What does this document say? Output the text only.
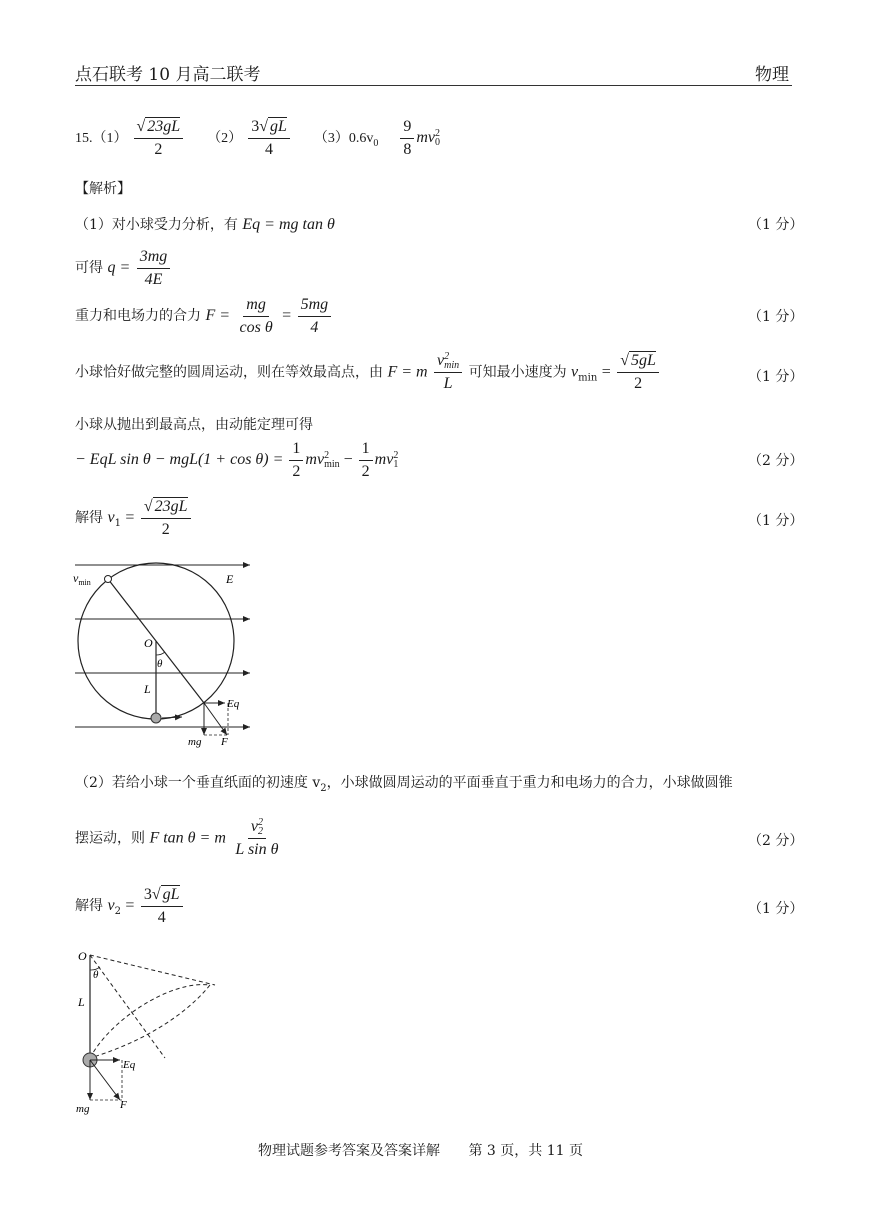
点石联考 10 月高二联考	物理
$15.(1) \frac{√ 23gL}{2} (2) \frac{3√ gL}{4} (3)0.6v_0 \frac{9}{8}$ mv 2
0
【解析】
（1）对小球受力分析，有 Eq = mg tan θ	（1 分）
可得 $q = \frac{3mg}{4E}$
重力和电场力的合力 $F = \frac{mg}{\text{cos θ}} = \frac{5mg}{4}$	（1 分）
小球恰好做完整的圆周运动，则在等效最高点，由 F = m v 2
min
L 可知最小速度为 $v_{min} = \frac{√ 5gL}{2}$	（1 分）
小球从抛出到最高点，由动能定理可得
− EqL $\sin \theta - mgL(1 + \cos \theta) = \frac{1}{2}$ mv 2
$\min - \frac{1}{2}$ mv 2
1	（2 分）
解得 $v_1 = \frac{√ 23gL}{2}$	（1 分）
$v_{min}$	E
O
θ
L
Eq
mg F
（2）若给小球一个垂直纸面的初速度 $v_2$，小球做圆周运动的平面垂直于重力和电场力的合力，小球做圆锥
摆运动，则 F tan θ = m v 2
2
L sin θ	（2 分）
解得 $v_2 = \frac{3√ gL}{4}$	（1 分）
O
θ
L
Eq
mg	F
物理试题参考答案及答案详解 第 3 页，共 11 页
